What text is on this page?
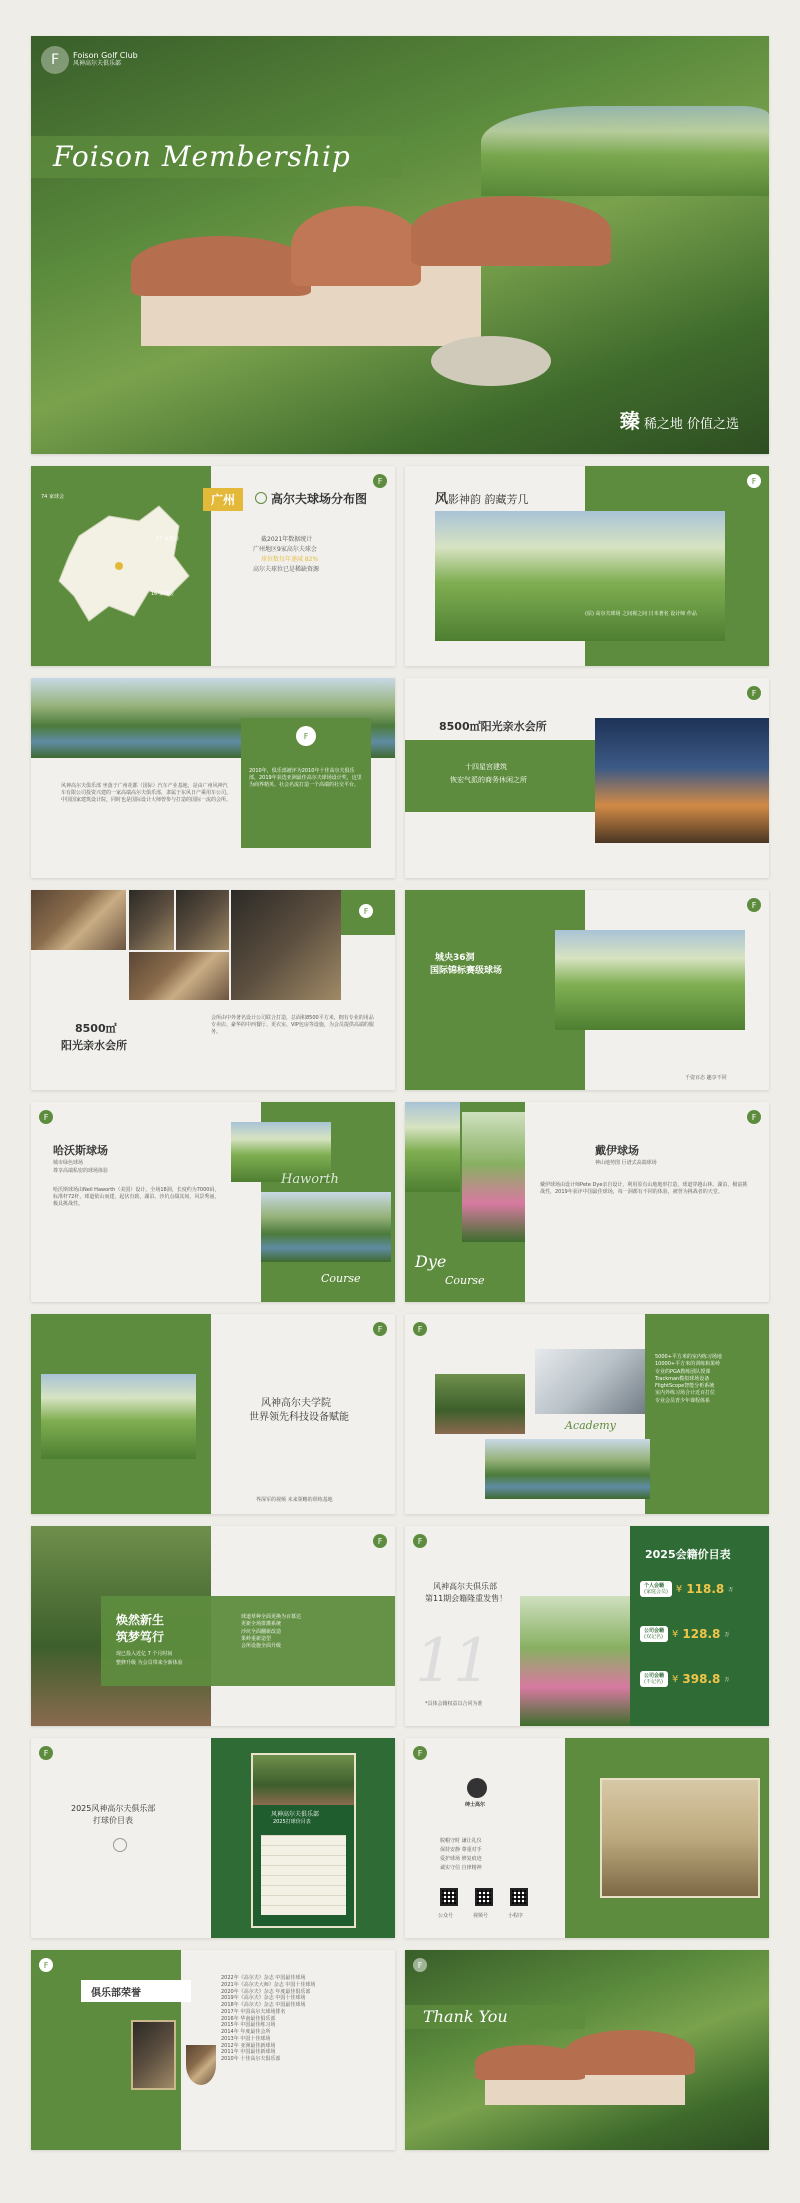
F	Foison Golf Club
风神高尔夫俱乐部
Foison Membership
臻 稀之地 价值之选
74 家球会
17 家球会
16 家球会
F
广州	高尔夫球场分布图
截2021年数据统计
广州地区9家高尔夫球会
球位数每年递减 82%
高尔夫球位已是稀缺资源
F
风影神韵 韵藏芳几
(原) 高尔夫球场 之间视之间 日本著名 设计师 作品
F
2010年，俱乐部被评为2010年十佳高尔夫俱乐部，2019年获选亚洲最佳高尔夫球场设计奖，这里为商界精英、社会名流打造一个高端的社交平台。
风神高尔夫俱乐部 坐落于广州花都（国际）汽车产业基地，是由广州风神汽车有限公司投资兴建的一家高端高尔夫俱乐部，隶属于东风日产乘用车公司。中国国家建筑设计院，同时也是国际设计大师曾参与打造的国际一流的会所。
F
8500㎡阳光亲水会所
十四星宫建筑
恢宏气派的商务休闲之所
F
8500㎡
阳光亲水会所
会所由中外著名设计公司联合打造，总面积8500平方米，拥有专业的用品专卖店、豪华的中西餐厅、更衣室、VIP包房等设施，为会员提供高端的服务。
F
城央36洞
国际锦标赛级球场
千姿百态 趣享不同
F
哈沃斯球场
城市绿色球场
尊享高端私密的球场体验
哈沃斯球场由Neil Haworth（美国）设计。全场18洞，长度约为7000码，标准杆72杆，球道依山而建，起伏有致，湖泊、沙坑点缀其间，风景秀丽，极具挑战性。
Haworth
Course
Dye
Course
F
戴伊球场
神山地势图 巨谱式高端球场
戴伊球场由设计师Pete Dye亲自设计，利用原有山地地形打造，球道穿越山林、湖泊，极富挑战性，2019年获评中国最佳球场，每一洞都有不同的体验，被誉为挑战者的天堂。
F
风神高尔夫学院
世界领先科技设备赋能
界深军的视频 未来领略的训练基地
F
Academy
5000+平方米的室内练习场地
10000+平方米的训练和果岭
专业的PGA教练团队授课
Trackman模拟球场设备
FlightScope智能分析系统
室内外练习场合计近百打位
专业会员青少年课程体系
焕然新生
筑梦笃行
现已投入近亿 7 个月时间
整修升级 为会员带来全新体验
球道草种全面更换为百慕达
更新全场排灌系统
沙坑全面翻新改造
果岭重新造型
会所设施全面升级
F	F
风神高尔夫俱乐部
第11期会籍隆重发售！
11
*具体会籍权益以合同为准
2025会籍价目表
个人会籍
(家庭会员) ¥ 118.8 万
公司会籍
(双记名) ¥ 128.8 万
公司会籍
(不记名) ¥ 398.8 万
F
2025风神高尔夫俱乐部
打球价目表
风神高尔夫俱乐部
2025打球价目表
F
绅士高尔
脱帽守时 谦让礼仪
保持安静 尊重对手
爱护球场 修复痕迹
诚实守信 自律精神
公众号	视频号	小程序
F
俱乐部荣誉
2022年《高尔夫》杂志 中国最佳球场
2021年《高尔夫大师》杂志 中国十佳球场
2020年《高尔夫》杂志 年度最佳俱乐部
2019年《高尔夫》杂志 中国十佳球场
2018年《高尔夫》杂志 中国最佳球场
2017年 中国高尔夫球场排名
2016年 华南最佳俱乐部
2015年 中国最佳练习场
2014年 年度最佳会所
2013年 中国十佳球场
2012年 亚洲最佳新球场
2011年 中国最佳新球场
2010年 十佳高尔夫俱乐部
Thank You
F
